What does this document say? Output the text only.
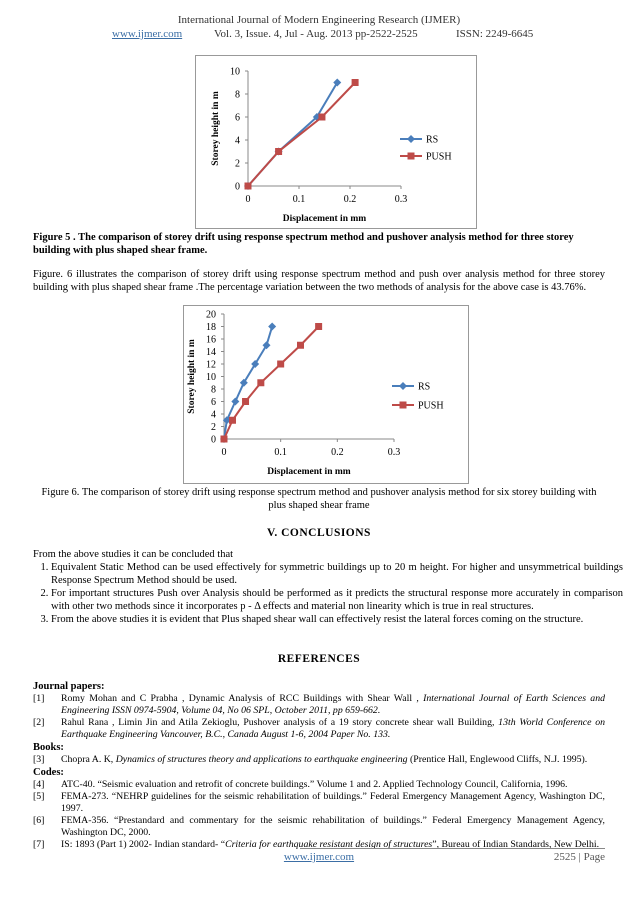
International Journal of Modern Engineering Research (IJMER)
www.ijmer.com	Vol. 3, Issue. 4, Jul - Aug. 2013 pp-2522-2525	ISSN: 2249-6645
0
2
4
6
8
10
0	0.1	0.2	0.3
Displacement in mm
Storey height in m	RS
PUSH
Figure 5 . The comparison of storey drift using response spectrum method and pushover analysis method for three storey building with plus shaped shear frame.
Figure. 6 illustrates the comparison of storey drift using response spectrum method and push over analysis method for three storey building with plus shaped shear frame .The percentage variation between the two methods of analysis for the above case is 43.76%.
0
2
4
6
8
10
12
14
16
18
20
0	0.1	0.2	0.3
Displacement in mm
Storey height in m	RS
PUSH
Figure 6. The comparison of storey drift using response spectrum method and pushover analysis method for six storey building with plus shaped shear frame
V. CONCLUSIONS
From the above studies it can be concluded that
1. Equivalent Static Method can be used effectively for symmetric buildings up to 20 m height. For higher and unsymmetrical buildings Response Spectrum Method should be used.
2. For important structures Push over Analysis should be performed as it predicts the structural response more accurately in comparison with other two methods since it incorporates p - Δ effects and material non linearity which is true in real structures.
3. From the above studies it is evident that Plus shaped shear wall can effectively resist the lateral forces coming on the structure.
REFERENCES
Journal papers:
[1]	Romy Mohan and C Prabha , Dynamic Analysis of RCC Buildings with Shear Wall , International Journal of Earth Sciences and Engineering ISSN 0974-5904, Volume 04, No 06 SPL, October 2011, pp 659-662.
[2]	Rahul Rana , Limin Jin and Atila Zekioglu, Pushover analysis of a 19 story concrete shear wall Building, 13th World Conference on Earthquake Engineering Vancouver, B.C., Canada August 1-6, 2004 Paper No. 133.
Books:
[3]	Chopra A. K, Dynamics of structures theory and applications to earthquake engineering (Prentice Hall, Englewood Cliffs, N.J. 1995).
Codes:
[4]	ATC-40. “Seismic evaluation and retrofit of concrete buildings.” Volume 1 and 2. Applied Technology Council, California, 1996.
[5]	FEMA-273. “NEHRP guidelines for the seismic rehabilitation of buildings.” Federal Emergency Management Agency, Washington DC, 1997.
[6]	FEMA-356. “Prestandard and commentary for the seismic rehabilitation of buildings.” Federal Emergency Management Agency, Washington DC, 2000.
[7]	IS: 1893 (Part 1) 2002- Indian standard- “Criteria for earthquake resistant design of structures”, Bureau of Indian Standards, New Delhi.
www.ijmer.com	2525 | Page
